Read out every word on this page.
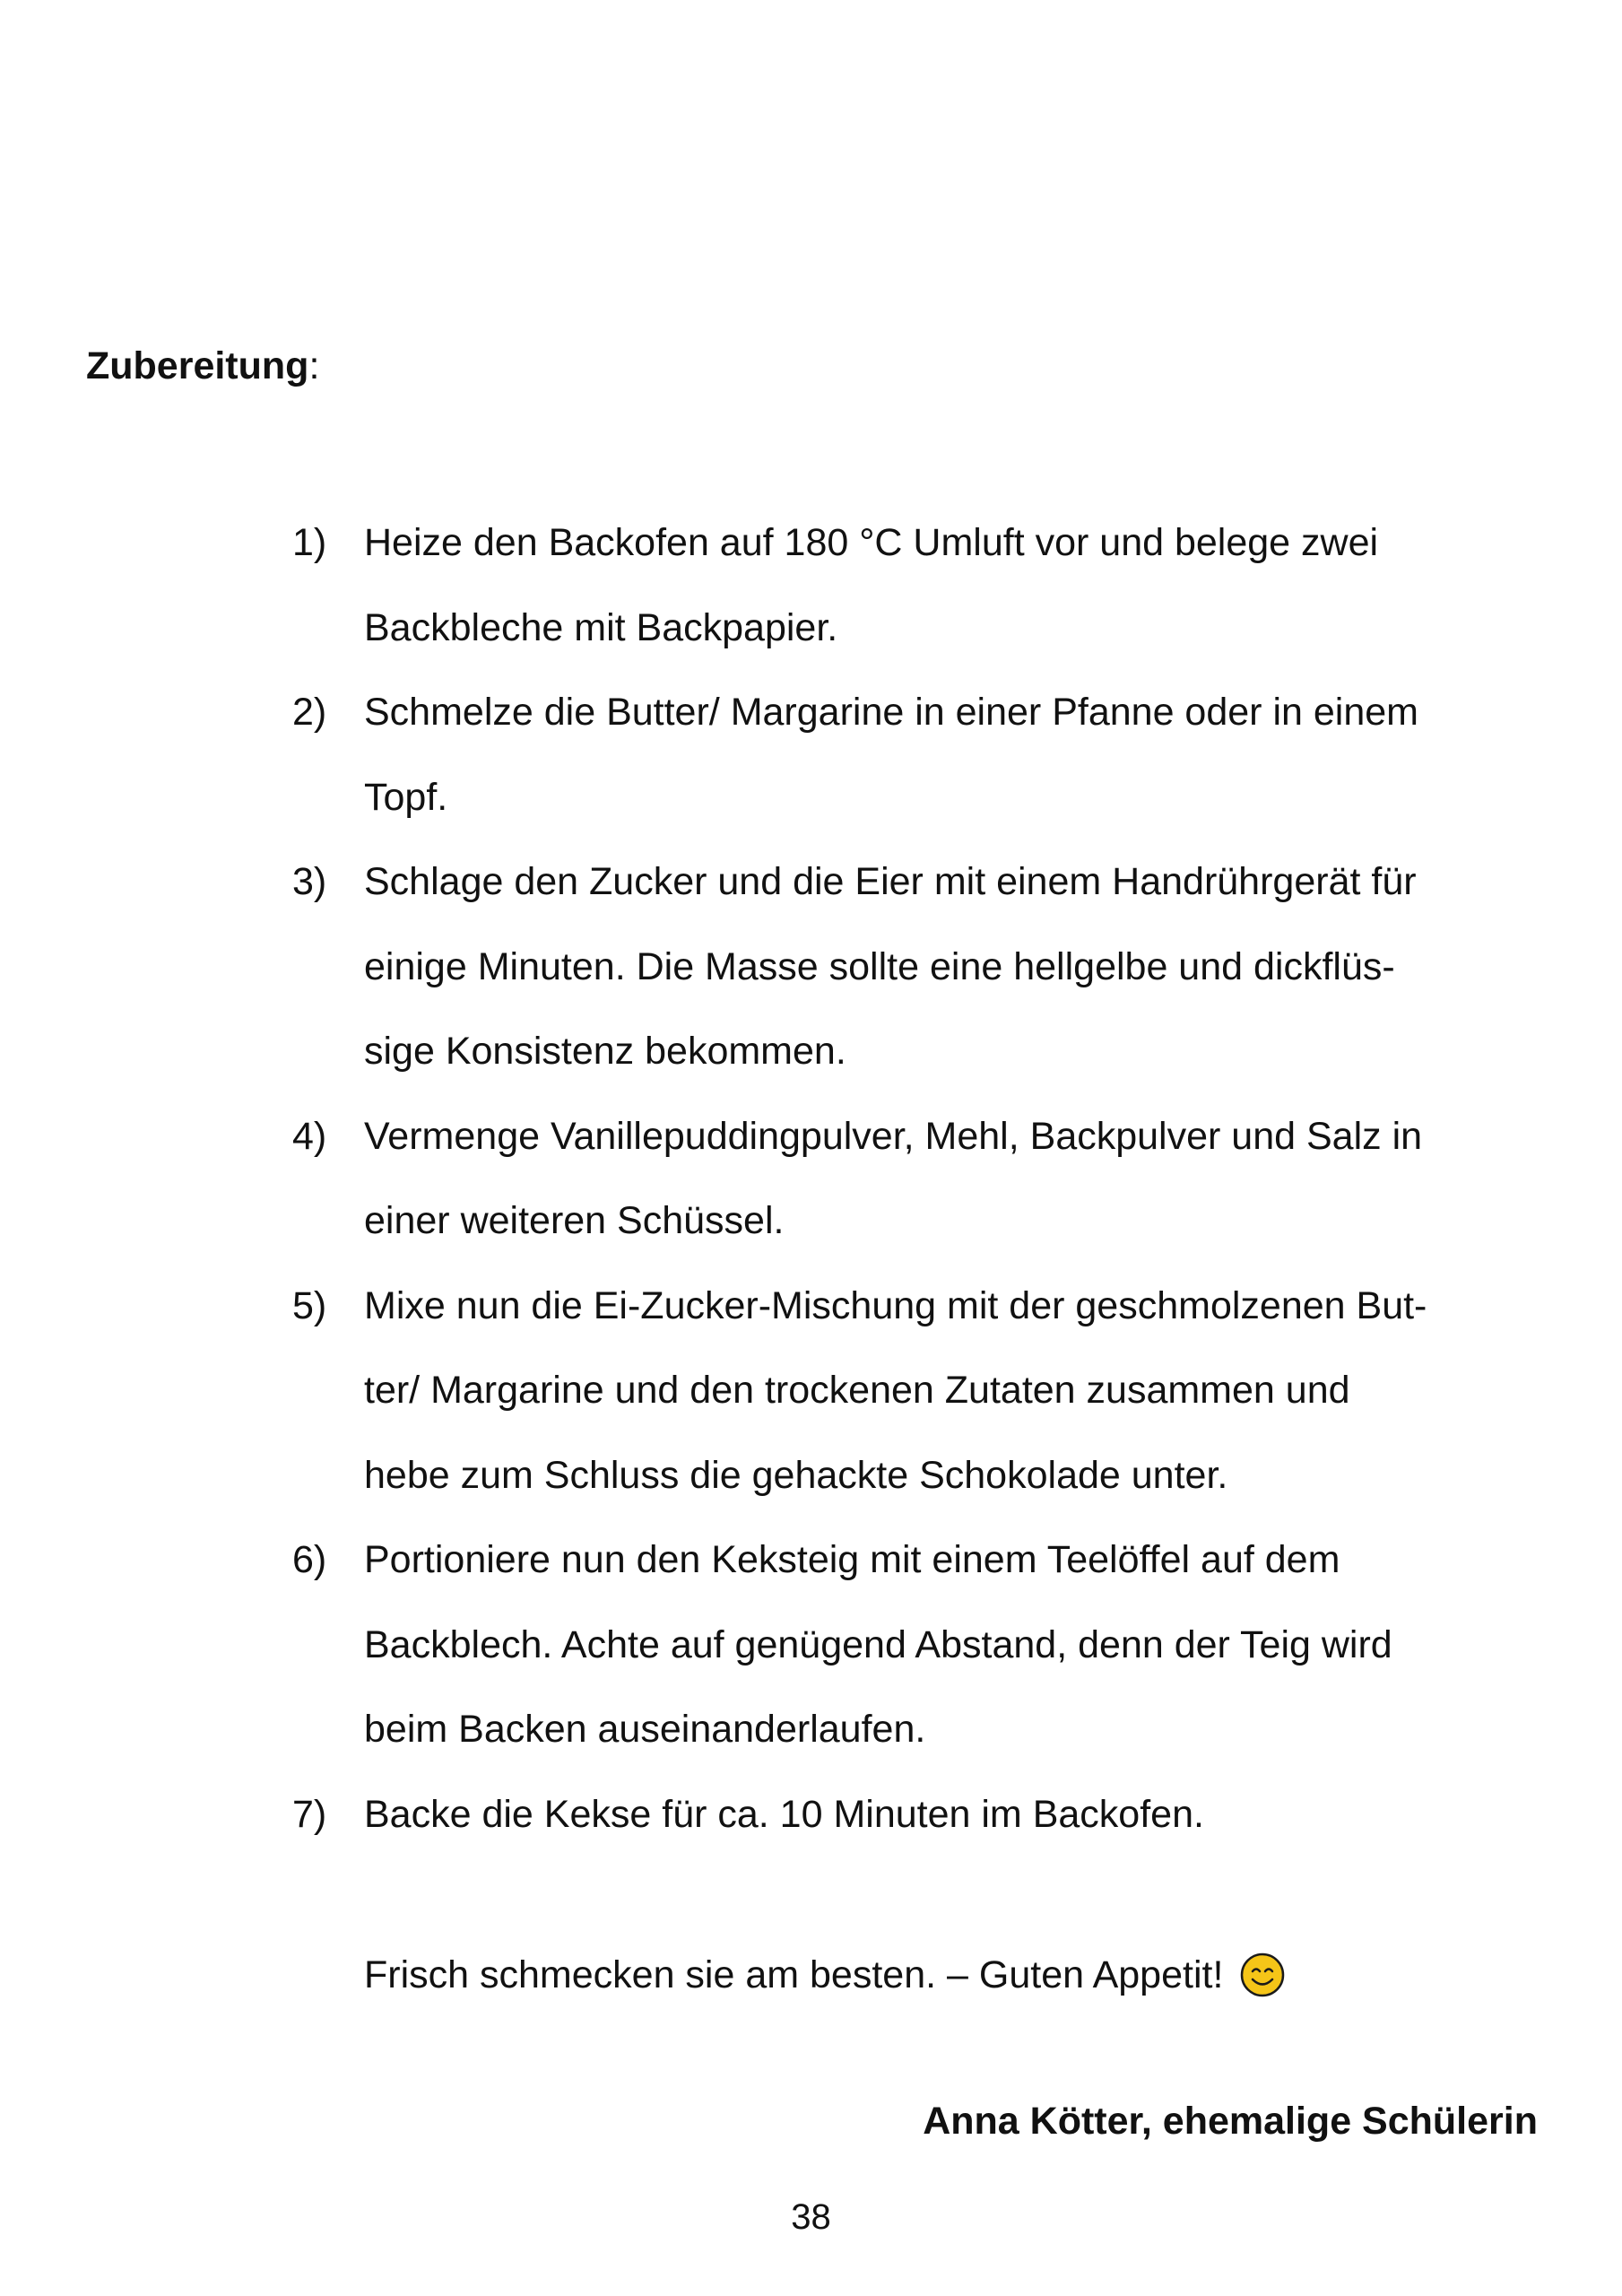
Zubereitung:
1) Heize den Backofen auf 180 °C Umluft vor und belege zwei
Backbleche mit Backpapier.
2) Schmelze die Butter/ Margarine in einer Pfanne oder in einem
Topf.
3) Schlage den Zucker und die Eier mit einem Handrührgerät für
einige Minuten. Die Masse sollte eine hellgelbe und dickflüs-
sige Konsistenz bekommen.
4) Vermenge Vanillepuddingpulver, Mehl, Backpulver und Salz in
einer weiteren Schüssel.
5) Mixe nun die Ei-Zucker-Mischung mit der geschmolzenen But-
ter/ Margarine und den trockenen Zutaten zusammen und
hebe zum Schluss die gehackte Schokolade unter.
6) Portioniere nun den Keksteig mit einem Teelöffel auf dem
Backblech. Achte auf genügend Abstand, denn der Teig wird
beim Backen auseinanderlaufen.
7) Backe die Kekse für ca. 10 Minuten im Backofen.

Frisch schmecken sie am besten. – Guten Appetit!

Anna Kötter, ehemalige Schülerin

38
